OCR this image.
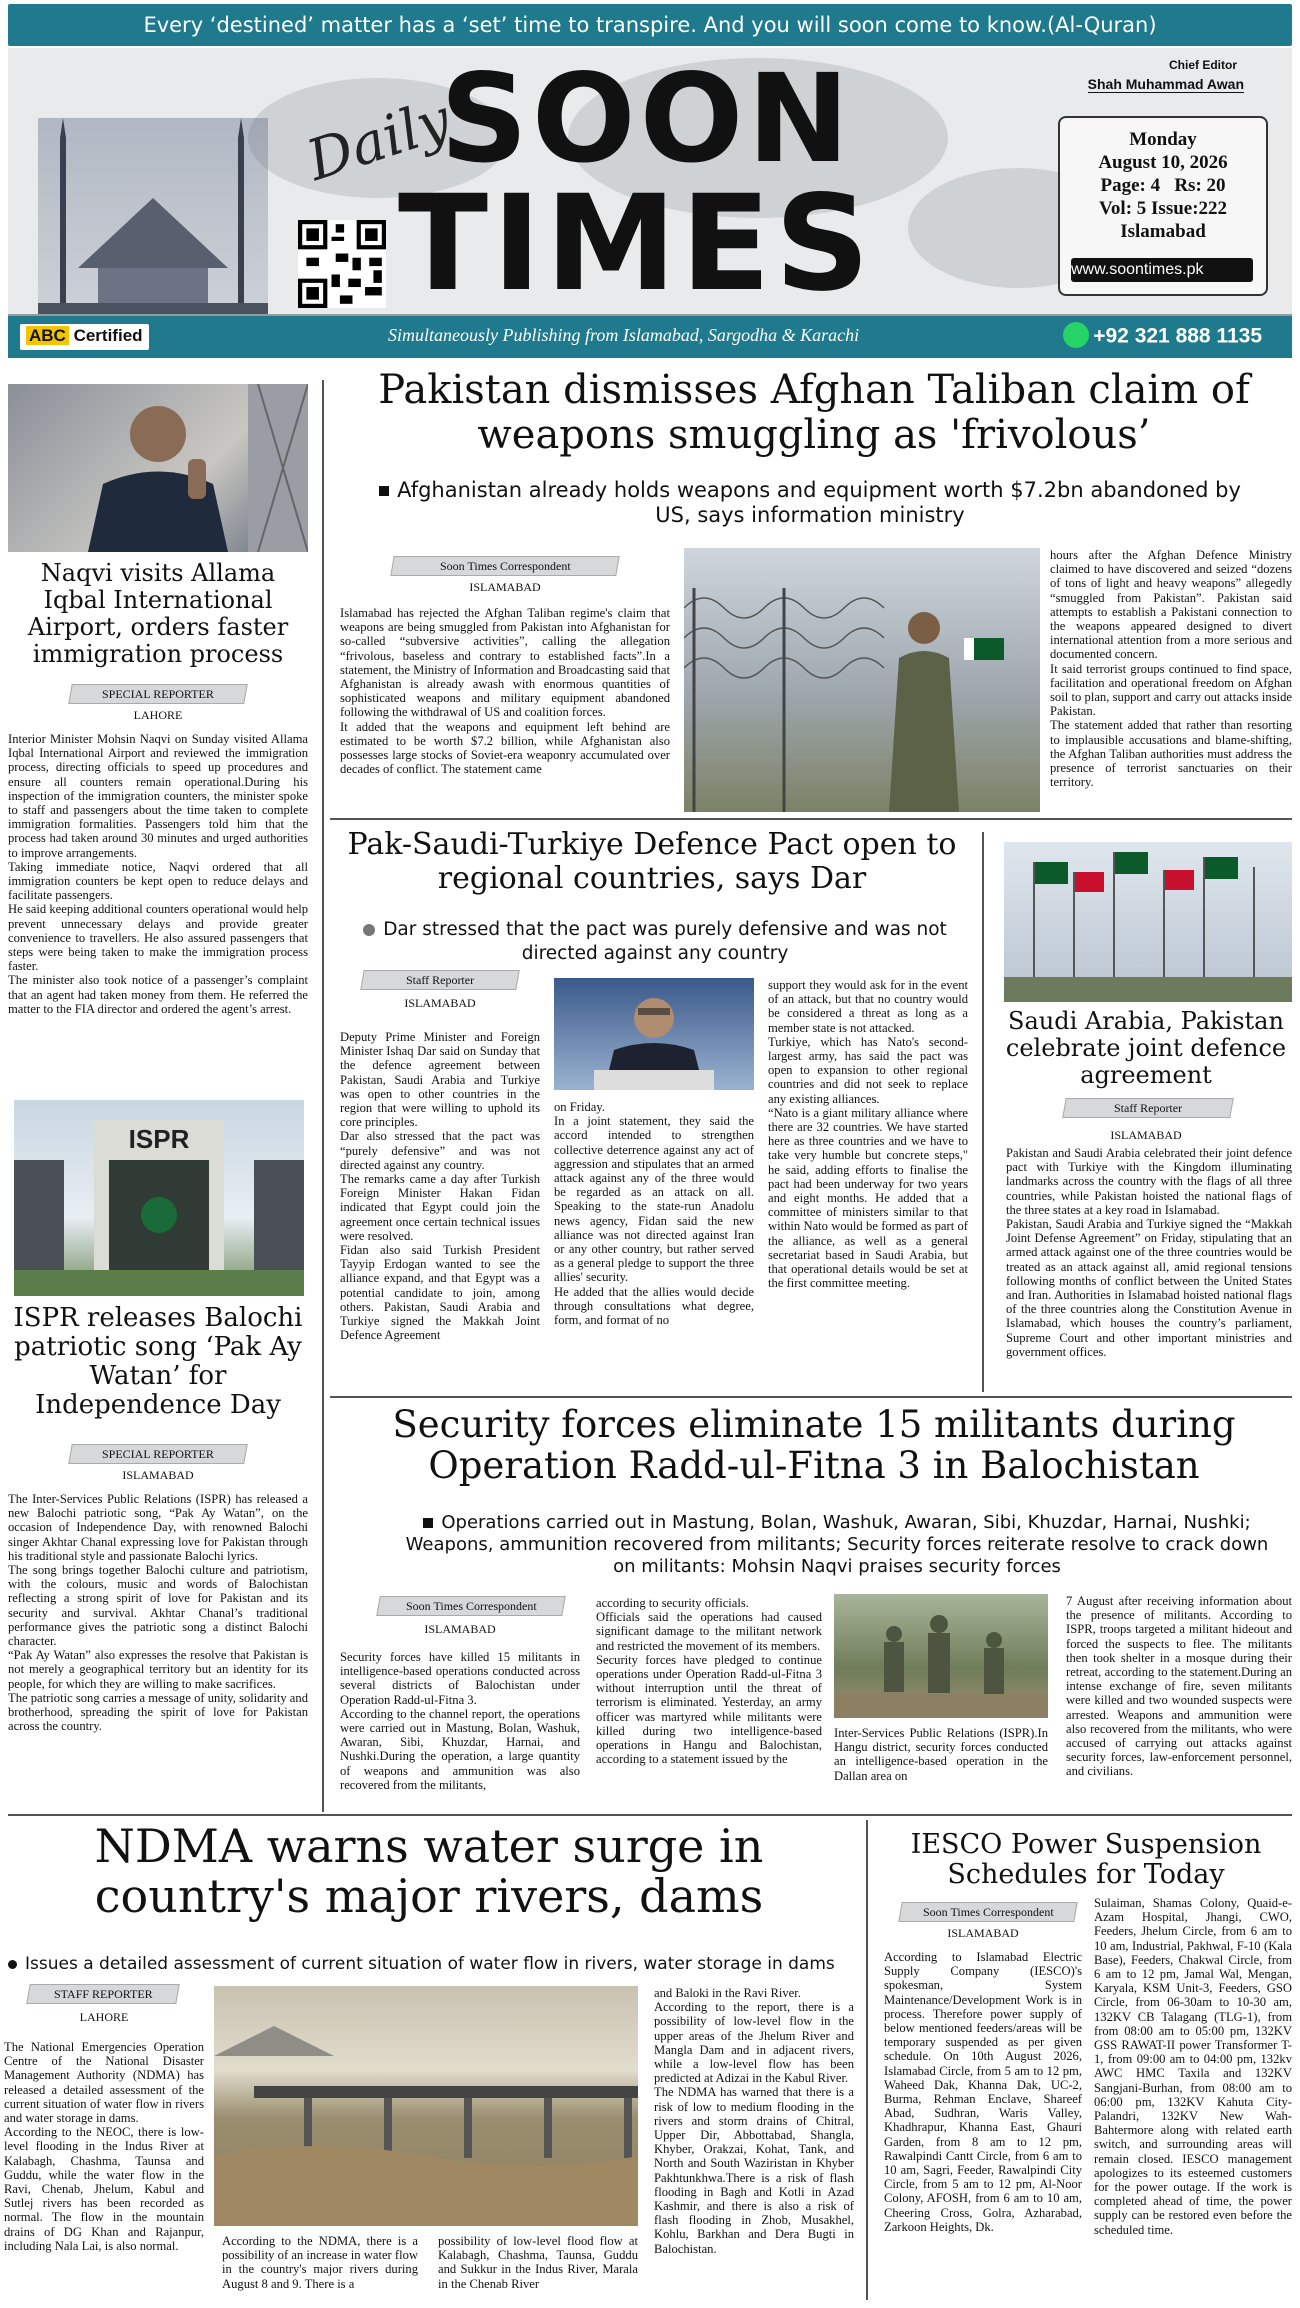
Every ‘destined’ matter has a ‘set’ time to transpire. And you will soon come to know.(Al-Quran)
Daily
SOON
TIMES
Chief Editor
Shah Muhammad Awan
Monday
August 10, 2026
Page: 4   Rs: 20
Vol: 5 Issue:222
Islamabad
www.soontimes.pk
ABC Certified	Simultaneously Publishing from Islamabad, Sargodha & Karachi	+92 321 888 1135
Naqvi visits Allama Iqbal International Airport, orders faster immigration process
SPECIAL REPORTER
LAHORE

Interior Minister Mohsin Naqvi on Sunday visited Allama Iqbal International Airport and reviewed the immigration process, directing officials to speed up procedures and ensure all counters remain operational.During his inspection of the immigration counters, the minister spoke to staff and passengers about the time taken to complete immigration formalities. Passengers told him that the process had taken around 30 minutes and urged authorities to improve arrangements.

Taking immediate notice, Naqvi ordered that all immigration counters be kept open to reduce delays and facilitate passengers.

He said keeping additional counters operational would help prevent unnecessary delays and provide greater convenience to travellers. He also assured passengers that steps were being taken to make the immigration process faster.

The minister also took notice of a passenger’s complaint that an agent had taken money from them. He referred the matter to the FIA director and ordered the agent’s arrest.

ISPR
ISPR releases Balochi patriotic song ‘Pak Ay Watan’ for Independence Day
SPECIAL REPORTER
ISLAMABAD

The Inter-Services Public Relations (ISPR) has released a new Balochi patriotic song, “Pak Ay Watan”, on the occasion of Independence Day, with renowned Balochi singer Akhtar Chanal expressing love for Pakistan through his traditional style and passionate Balochi lyrics.

The song brings together Balochi culture and patriotism, with the colours, music and words of Balochistan reflecting a strong spirit of love for Pakistan and its security and survival. Akhtar Chanal’s traditional performance gives the patriotic song a distinct Balochi character.

“Pak Ay Watan” also expresses the resolve that Pakistan is not merely a geographical territory but an identity for its people, for which they are willing to make sacrifices.

The patriotic song carries a message of unity, solidarity and brotherhood, spreading the spirit of love for Pakistan across the country.

Pakistan dismisses Afghan Taliban claim of weapons smuggling as 'frivolous’
Afghanistan already holds weapons and equipment worth $7.2bn abandoned by US, says information ministry
Soon Times Correspondent
ISLAMABAD

Islamabad has rejected the Afghan Taliban regime's claim that weapons are being smuggled from Pakistan into Afghanistan for so-called “subversive activities”, calling the allegation “frivolous, baseless and contrary to established facts”.In a statement, the Ministry of Information and Broadcasting said that Afghanistan is already awash with enormous quantities of sophisticated weapons and military equipment abandoned following the withdrawal of US and coalition forces.

It added that the weapons and equipment left behind are estimated to be worth $7.2 billion, while Afghanistan also possesses large stocks of Soviet-era weaponry accumulated over decades of conflict. The statement came

hours after the Afghan Defence Ministry claimed to have discovered and seized “dozens of tons of light and heavy weapons” allegedly “smuggled from Pakistan”. Pakistan said attempts to establish a Pakistani connection to the weapons appeared designed to divert international attention from a more serious and documented concern.

It said terrorist groups continued to find space, facilitation and operational freedom on Afghan soil to plan, support and carry out attacks inside Pakistan.

The statement added that rather than resorting to implausible accusations and blame-shifting, the Afghan Taliban authorities must address the presence of terrorist sanctuaries on their territory.

Pak-Saudi-Turkiye Defence Pact open to regional countries, says Dar
Dar stressed that the pact was purely defensive and was not directed against any country
Staff Reporter
ISLAMABAD

Deputy Prime Minister and Foreign Minister Ishaq Dar said on Sunday that the defence agreement between Pakistan, Saudi Arabia and Turkiye was open to other countries in the region that were willing to uphold its core principles.

Dar also stressed that the pact was “purely defensive” and was not directed against any country.

The remarks came a day after Turkish Foreign Minister Hakan Fidan indicated that Egypt could join the agreement once certain technical issues were resolved.

Fidan also said Turkish President Tayyip Erdogan wanted to see the alliance expand, and that Egypt was a potential candidate to join, among others. Pakistan, Saudi Arabia and Turkiye signed the Makkah Joint Defence Agreement

on Friday.

In a joint statement, they said the accord intended to strengthen collective deterrence against any act of aggression and stipulates that an armed attack against any of the three would be regarded as an attack on all. Speaking to the state-run Anadolu news agency, Fidan said the new alliance was not directed against Iran or any other country, but rather served as a general pledge to support the three allies' security.

He added that the allies would decide through consultations what degree, form, and format of no

support they would ask for in the event of an attack, but that no country would be considered a threat as long as a member state is not attacked.

Turkiye, which has Nato's second-largest army, has said the pact was open to expansion to other regional countries and did not seek to replace any existing alliances.

“Nato is a giant military alliance where there are 32 countries. We have started here as three countries and we have to take very humble but concrete steps," he said, adding efforts to finalise the pact had been underway for two years and eight months. He added that a committee of ministers similar to that within Nato would be formed as part of the alliance, as well as a general secretariat based in Saudi Arabia, but that operational details would be set at the first committee meeting.

Saudi Arabia, Pakistan celebrate joint defence agreement
Staff Reporter
ISLAMABAD

Pakistan and Saudi Arabia celebrated their joint defence pact with Turkiye with the Kingdom illuminating landmarks across the country with the flags of all three countries, while Pakistan hoisted the national flags of the three states at a key road in Islamabad.

Pakistan, Saudi Arabia and Turkiye signed the “Makkah Joint Defense Agreement” on Friday, stipulating that an armed attack against one of the three countries would be treated as an attack against all, amid regional tensions following months of conflict between the United States and Iran. Authorities in Islamabad hoisted national flags of the three countries along the Constitution Avenue in Islamabad, which houses the country’s parliament, Supreme Court and other important ministries and government offices.

Security forces eliminate 15 militants during Operation Radd-ul-Fitna 3 in Balochistan
Operations carried out in Mastung, Bolan, Washuk, Awaran, Sibi, Khuzdar, Harnai, Nushki; Weapons, ammunition recovered from militants; Security forces reiterate resolve to crack down on militants: Mohsin Naqvi praises security forces
Soon Times Correspondent
ISLAMABAD

Security forces have killed 15 militants in intelligence-based operations conducted across several districts of Balochistan under Operation Radd-ul-Fitna 3.

According to the channel report, the operations were carried out in Mastung, Bolan, Washuk, Awaran, Sibi, Khuzdar, Harnai, and Nushki.During the operation, a large quantity of weapons and ammunition was also recovered from the militants,

according to security officials.

Officials said the operations had caused significant damage to the militant network and restricted the movement of its members.

Security forces have pledged to continue operations under Operation Radd-ul-Fitna 3 without interruption until the threat of terrorism is eliminated. Yesterday, an army officer was martyred while militants were killed during two intelligence-based operations in Hangu and Balochistan, according to a statement issued by the

Inter-Services Public Relations (ISPR).In Hangu district, security forces conducted an intelligence-based operation in the Dallan area on

7 August after receiving information about the presence of militants. According to ISPR, troops targeted a militant hideout and forced the suspects to flee. The militants then took shelter in a mosque during their retreat, according to the statement.During an intense exchange of fire, seven militants were killed and two wounded suspects were arrested. Weapons and ammunition were also recovered from the militants, who were accused of carrying out attacks against security forces, law-enforcement personnel, and civilians.

NDMA warns water surge in country's major rivers, dams
Issues a detailed assessment of current situation of water flow in rivers, water storage in dams
STAFF REPORTER
LAHORE

The National Emergencies Operation Centre of the National Disaster Management Authority (NDMA) has released a detailed assessment of the current situation of water flow in rivers and water storage in dams.

According to the NEOC, there is low-level flooding in the Indus River at Kalabagh, Chashma, Taunsa and Guddu, while the water flow in the Ravi, Chenab, Jhelum, Kabul and Sutlej rivers has been recorded as normal. The flow in the mountain drains of DG Khan and Rajanpur, including Nala Lai, is also normal.	According to the NDMA, there is a possibility of an increase in water flow in the country's major rivers during August 8 and 9. There is a

possibility of low-level flood flow at Kalabagh, Chashma, Taunsa, Guddu and Sukkur in the Indus River, Marala in the Chenab River

and Baloki in the Ravi River.

According to the report, there is a possibility of low-level flow in the upper areas of the Jhelum River and Mangla Dam and in adjacent rivers, while a low-level flow has been predicted at Adizai in the Kabul River.

The NDMA has warned that there is a risk of low to medium flooding in the rivers and storm drains of Chitral, Upper Dir, Abbottabad, Shangla, Khyber, Orakzai, Kohat, Tank, and North and South Waziristan in Khyber Pakhtunkhwa.There is a risk of flash flooding in Bagh and Kotli in Azad Kashmir, and there is also a risk of flash flooding in Zhob, Musakhel, Kohlu, Barkhan and Dera Bugti in Balochistan.

IESCO Power Suspension Schedules for Today
Soon Times Correspondent
ISLAMABAD

According to Islamabad Electric Supply Company (IESCO)'s spokesman, System Maintenance/Development Work is in process. Therefore power supply of below mentioned feeders/areas will be temporary suspended as per given schedule. On 10th August 2026, Islamabad Circle, from 5 am to 12 pm, Waheed Dak, Khanna Dak, UC-2, Burma, Rehman Enclave, Shareef Abad, Sudhran, Waris Valley, Khadhrapur, Khanna East, Ghauri Garden, from 8 am to 12 pm, Rawalpindi Cantt Circle, from 6 am to 10 am, Sagri, Feeder, Rawalpindi City Circle, from 5 am to 12 pm, Al-Noor Colony, AFOSH, from 6 am to 10 am, Cheering Cross, Golra, Azharabad, Zarkoon Heights, Dk.

Sulaiman, Shamas Colony, Quaid-e-Azam Hospital, Jhangi, CWO, Feeders, Jhelum Circle, from 6 am to 10 am, Industrial, Pakhwal, F-10 (Kala Base), Feeders, Chakwal Circle, from 6 am to 12 pm, Jamal Wal, Mengan, Karyala, KSM Unit-3, Feeders, GSO Circle, from 06-30am to 10-30 am, 132KV CB Talagang (TLG-1), from from 08:00 am to 05:00 pm, 132KV GSS RAWAT-II power Transformer T-1, from 09:00 am to 04:00 pm, 132kv AWC HMC Taxila and 132KV Sangjani-Burhan, from 08:00 am to 06:00 pm, 132KV Kahuta City-Palandri, 132KV New Wah-Bahtermore along with related earth switch, and surrounding areas will remain closed. IESCO management apologizes to its esteemed customers for the power outage. If the work is completed ahead of time, the power supply can be restored even before the scheduled time.
